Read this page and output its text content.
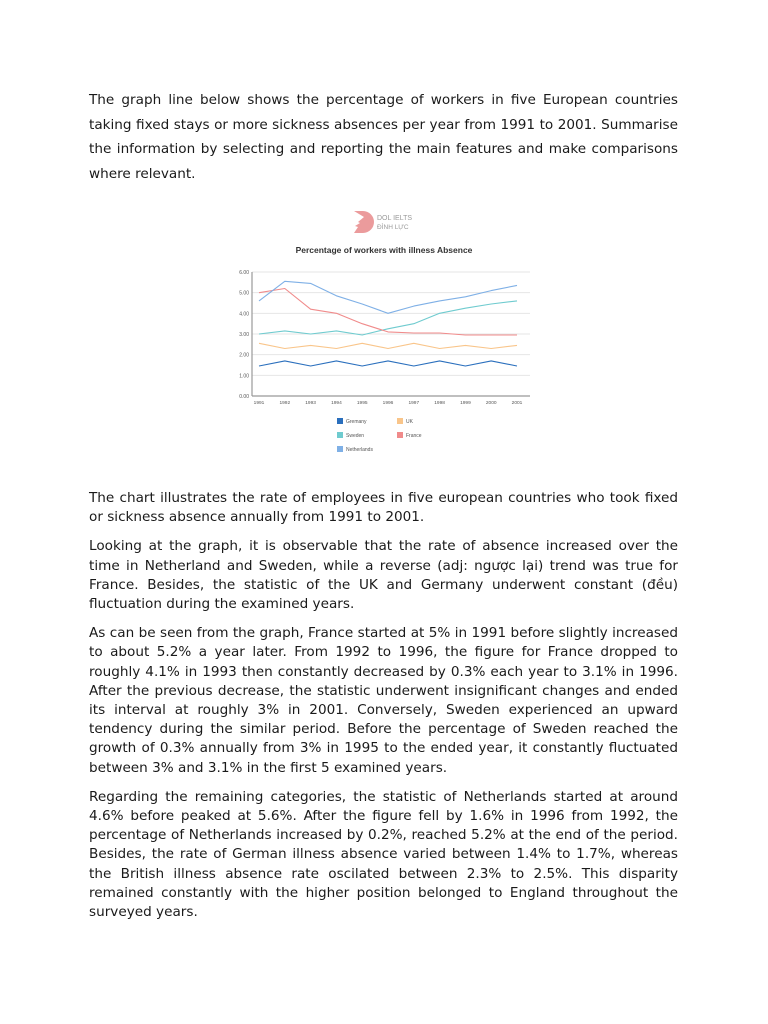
The graph line below shows the percentage of workers in five European countries taking fixed stays or more sickness absences per year from 1991 to 2001. Summarise the information by selecting and reporting the main features and make comparisons where relevant.

DOL IELTS
ĐÌNH LỰC
Percentage of workers with illness Absence
0.00
1.00
2.00
3.00
4.00
5.00
6.00
1991	1992	1993	1994	1995	1996	1997	1998	1999	2000	2001
Gremany	UK
Sweden	France
Netherlands

The chart illustrates the rate of employees in five european countries who took fixed or sickness absence annually from 1991 to 2001.

Looking at the graph, it is observable that the rate of absence increased over the time in Netherland and Sweden, while a reverse (adj: ngược lại) trend was true for France. Besides, the statistic of the UK and Germany underwent constant (đều) fluctuation during the examined years.

As can be seen from the graph, France started at 5% in 1991 before slightly increased to about 5.2% a year later. From 1992 to 1996, the figure for France dropped to roughly 4.1% in 1993 then constantly decreased by 0.3% each year to 3.1% in 1996. After the previous decrease, the statistic underwent insignificant changes and ended its interval at roughly 3% in 2001. Conversely, Sweden experienced an upward tendency during the similar period. Before the percentage of Sweden reached the growth of 0.3% annually from 3% in 1995 to the ended year, it constantly fluctuated between 3% and 3.1% in the first 5 examined years.

Regarding the remaining categories, the statistic of Netherlands started at around 4.6% before peaked at 5.6%. After the figure fell by 1.6% in 1996 from 1992, the percentage of Netherlands increased by 0.2%, reached 5.2% at the end of the period. Besides, the rate of German illness absence varied between 1.4% to 1.7%, whereas the British illness absence rate oscilated between 2.3% to 2.5%. This disparity remained constantly with the higher position belonged to England throughout the surveyed years.
